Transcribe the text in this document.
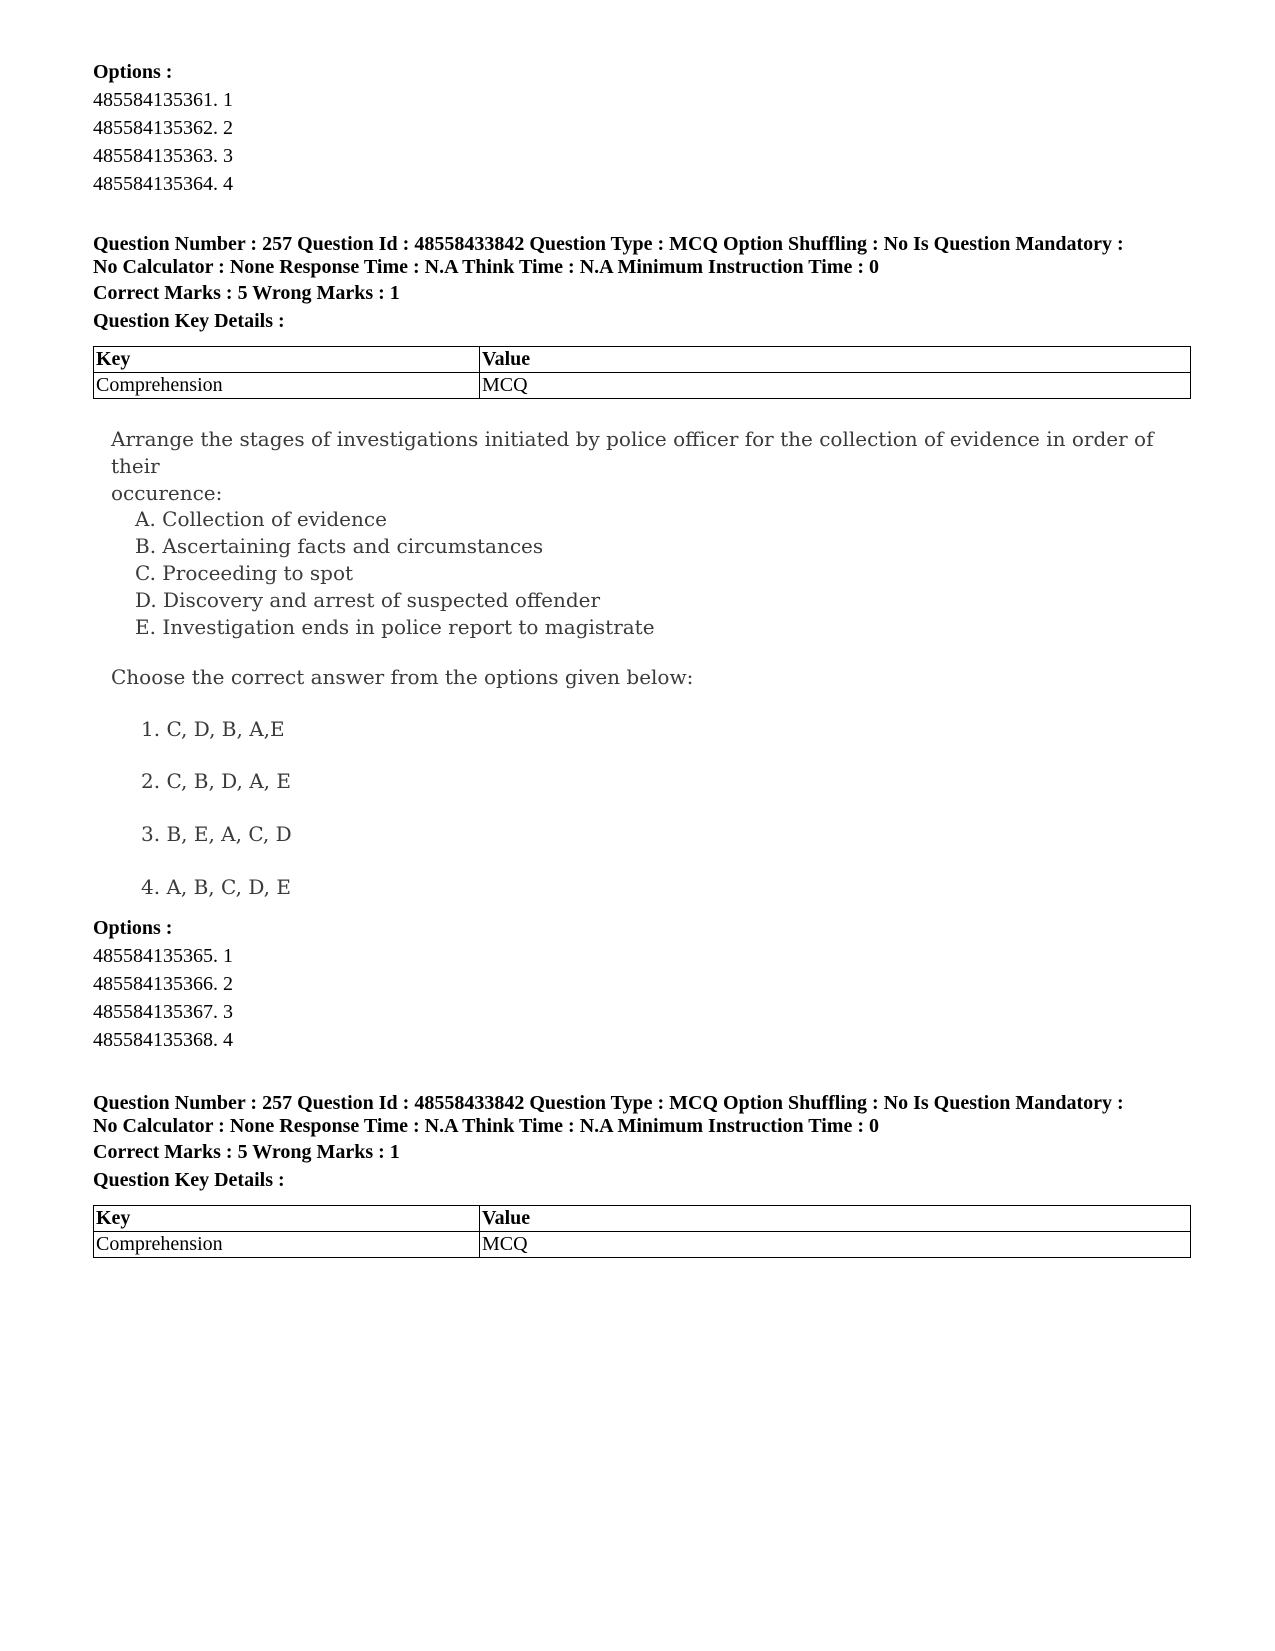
Options :
485584135361. 1
485584135362. 2
485584135363. 3
485584135364. 4
Question Number : 257 Question Id : 48558433842 Question Type : MCQ Option Shuffling : No Is Question Mandatory :
No Calculator : None Response Time : N.A Think Time : N.A Minimum Instruction Time : 0
Correct Marks : 5 Wrong Marks : 1
Question Key Details :
Key	Value
Comprehension	MCQ
Arrange the stages of investigations initiated by police officer for the collection of evidence in order of their
occurence:
A. Collection of evidence
B. Ascertaining facts and circumstances
C. Proceeding to spot
D. Discovery and arrest of suspected offender
E. Investigation ends in police report to magistrate
Choose the correct answer from the options given below:
1. C, D, B, A,E
2. C, B, D, A, E
3. B, E, A, C, D
4. A, B, C, D, E
Options :
485584135365. 1
485584135366. 2
485584135367. 3
485584135368. 4
Question Number : 257 Question Id : 48558433842 Question Type : MCQ Option Shuffling : No Is Question Mandatory :
No Calculator : None Response Time : N.A Think Time : N.A Minimum Instruction Time : 0
Correct Marks : 5 Wrong Marks : 1
Question Key Details :
Key	Value
Comprehension	MCQ
